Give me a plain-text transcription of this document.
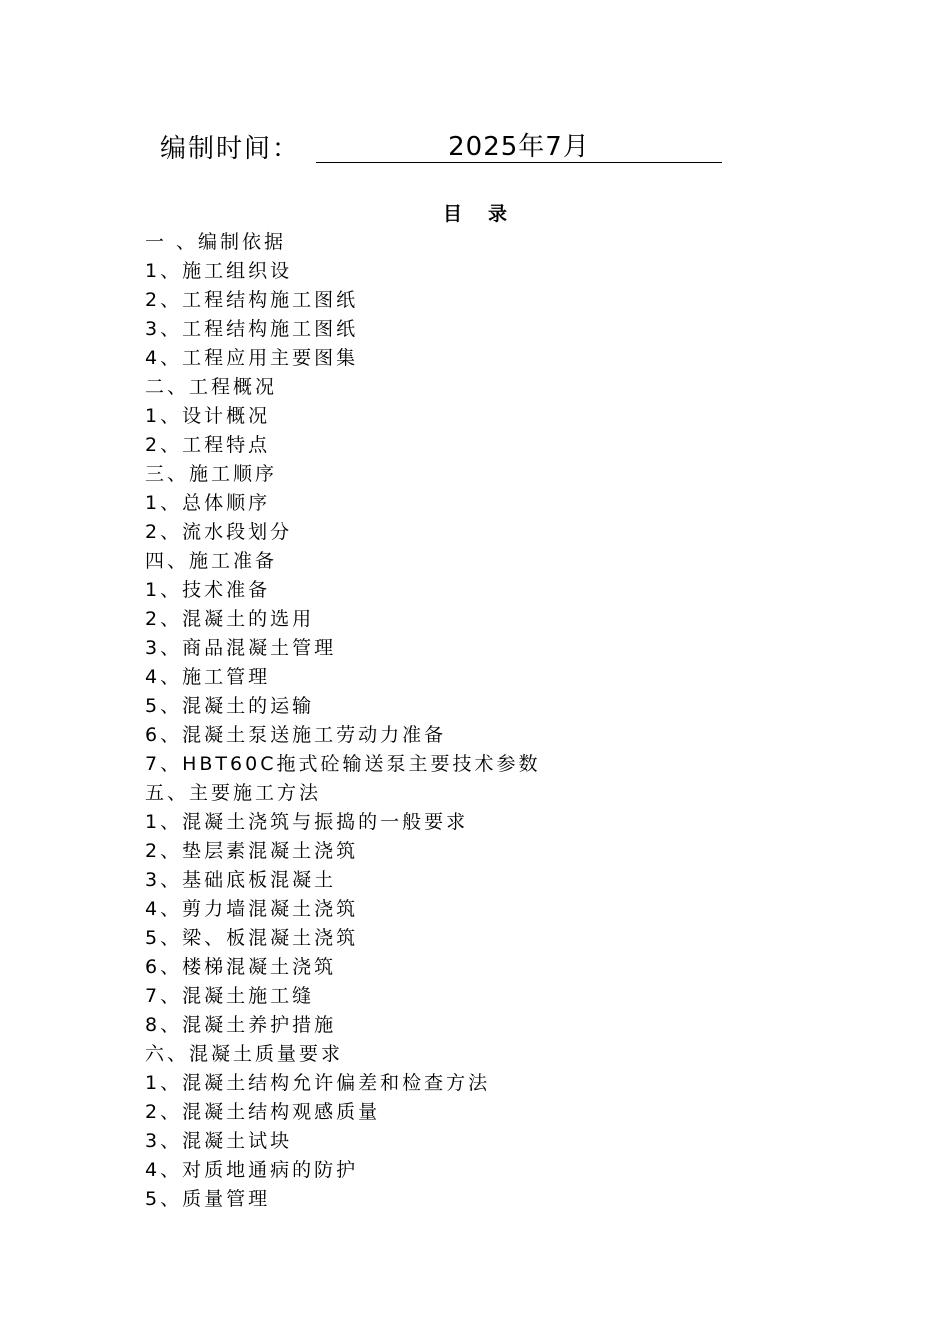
编制时间：	2025年7月
目录
一 、编制依据
1、施工组织设
2、工程结构施工图纸
3、工程结构施工图纸
4、工程应用主要图集
二、工程概况
1、设计概况
2、工程特点
三、施工顺序
1、总体顺序
2、流水段划分
四、施工准备
1、技术准备
2、混凝土的选用
3、商品混凝土管理
4、施工管理
5、混凝土的运输
6、混凝土泵送施工劳动力准备
7、HBT60C拖式砼输送泵主要技术参数
五、主要施工方法
1、混凝土浇筑与振捣的一般要求
2、垫层素混凝土浇筑
3、基础底板混凝土
4、剪力墙混凝土浇筑
5、梁、板混凝土浇筑
6、楼梯混凝土浇筑
7、混凝土施工缝
8、混凝土养护措施
六、混凝土质量要求
1、混凝土结构允许偏差和检查方法
2、混凝土结构观感质量
3、混凝土试块
4、对质地通病的防护
5、质量管理
